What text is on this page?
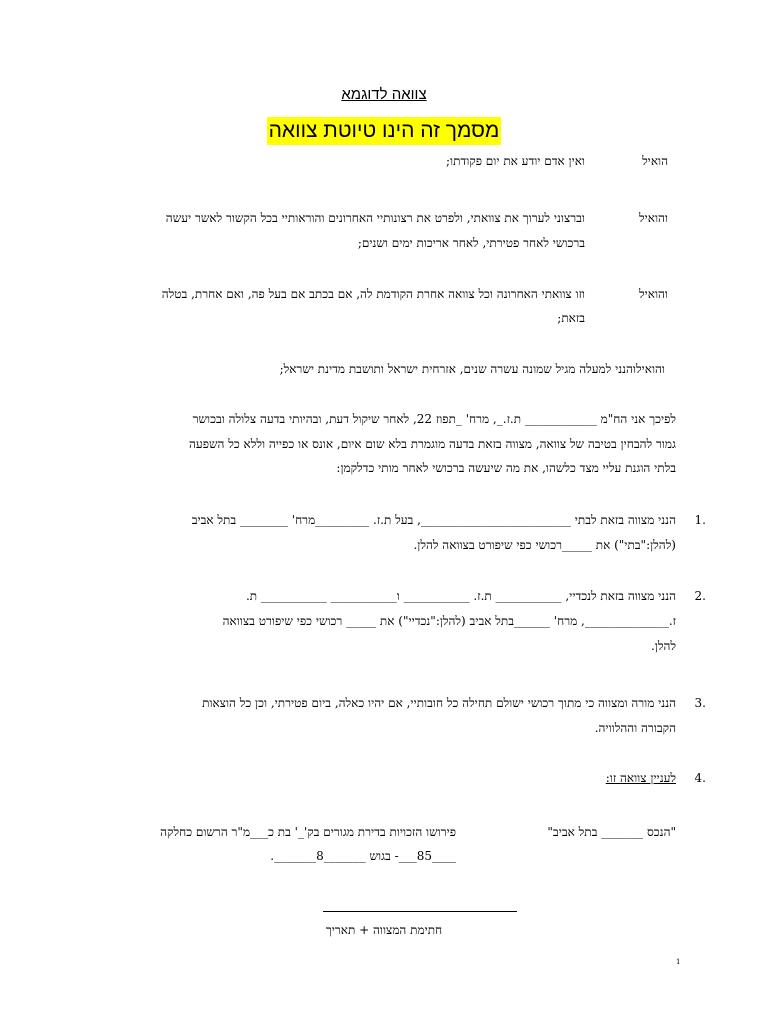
צוואה לדוגמא
מסמך זה הינו טיוטת צוואה
הואיל
ואין אדם יודע את יום פקודתו;
והואיל
וברצוני לערוך את צוואתי, ולפרט את רצונותיי האחרונים והוראותיי בכל הקשור לאשר יעשה
ברכושי לאחר פטירתי, לאחר אריכות ימים ושנים;
והואיל
וזו צוואתי האחרונה וכל צוואה אחרת הקודמת לה, אם בכתב אם בעל פה, ואם אחרת, בטלה
בזאת;
והואילוהנני למעלה מגיל שמונה עשרה שנים, אזרחית ישראל ותושבת מדינת ישראל;
לפיכך אני הח"מ ____________ ת.ז._, מרח' _תפוז 22, לאחר שיקול דעת, ובהיותי בדעה צלולה ובכושר
גמור להבחין בטיבה של צוואה, מצווה בזאת בדעה מוגמרת בלא שום איום, אונס או כפייה וללא כל השפעה
בלתי הוגנת עליי מצד כלשהו, את מה שיעשה ברכושי לאחר מותי כדלקמן:
1.
הנני מצווה בזאת לבתי _________________________, בעל ת.ז. _________מרח' ________ בתל אביב
(להלן:"בתי") את _____רכושי כפי שיפורט בצוואה להלן.
2.
הנני מצווה בזאת לנכדיי, ___________ ת.ז. ___________ ו___________ ___________ ת.
ז.______________, מרח' ______בתל אביב (להלן:"נכדיי") את _____ רכושי כפי שיפורט בצוואה
להלן.
3.
הנני מורה ומצווה כי מתוך רכושי ישולם תחילה כל חובותיי, אם יהיו כאלה, ביום פטירתי, וכן כל הוצאות
הקבורה וההלוויה.
4.
לעניין צוואה זו:
"הנכס _______ בתל אביב"
פירושו הזכויות בדירת מגורים בק'_' בת כ___מ"ר הרשום כחלקה
____85___- בגוש _______8_______.
חתימת המצווה + תאריך
1
